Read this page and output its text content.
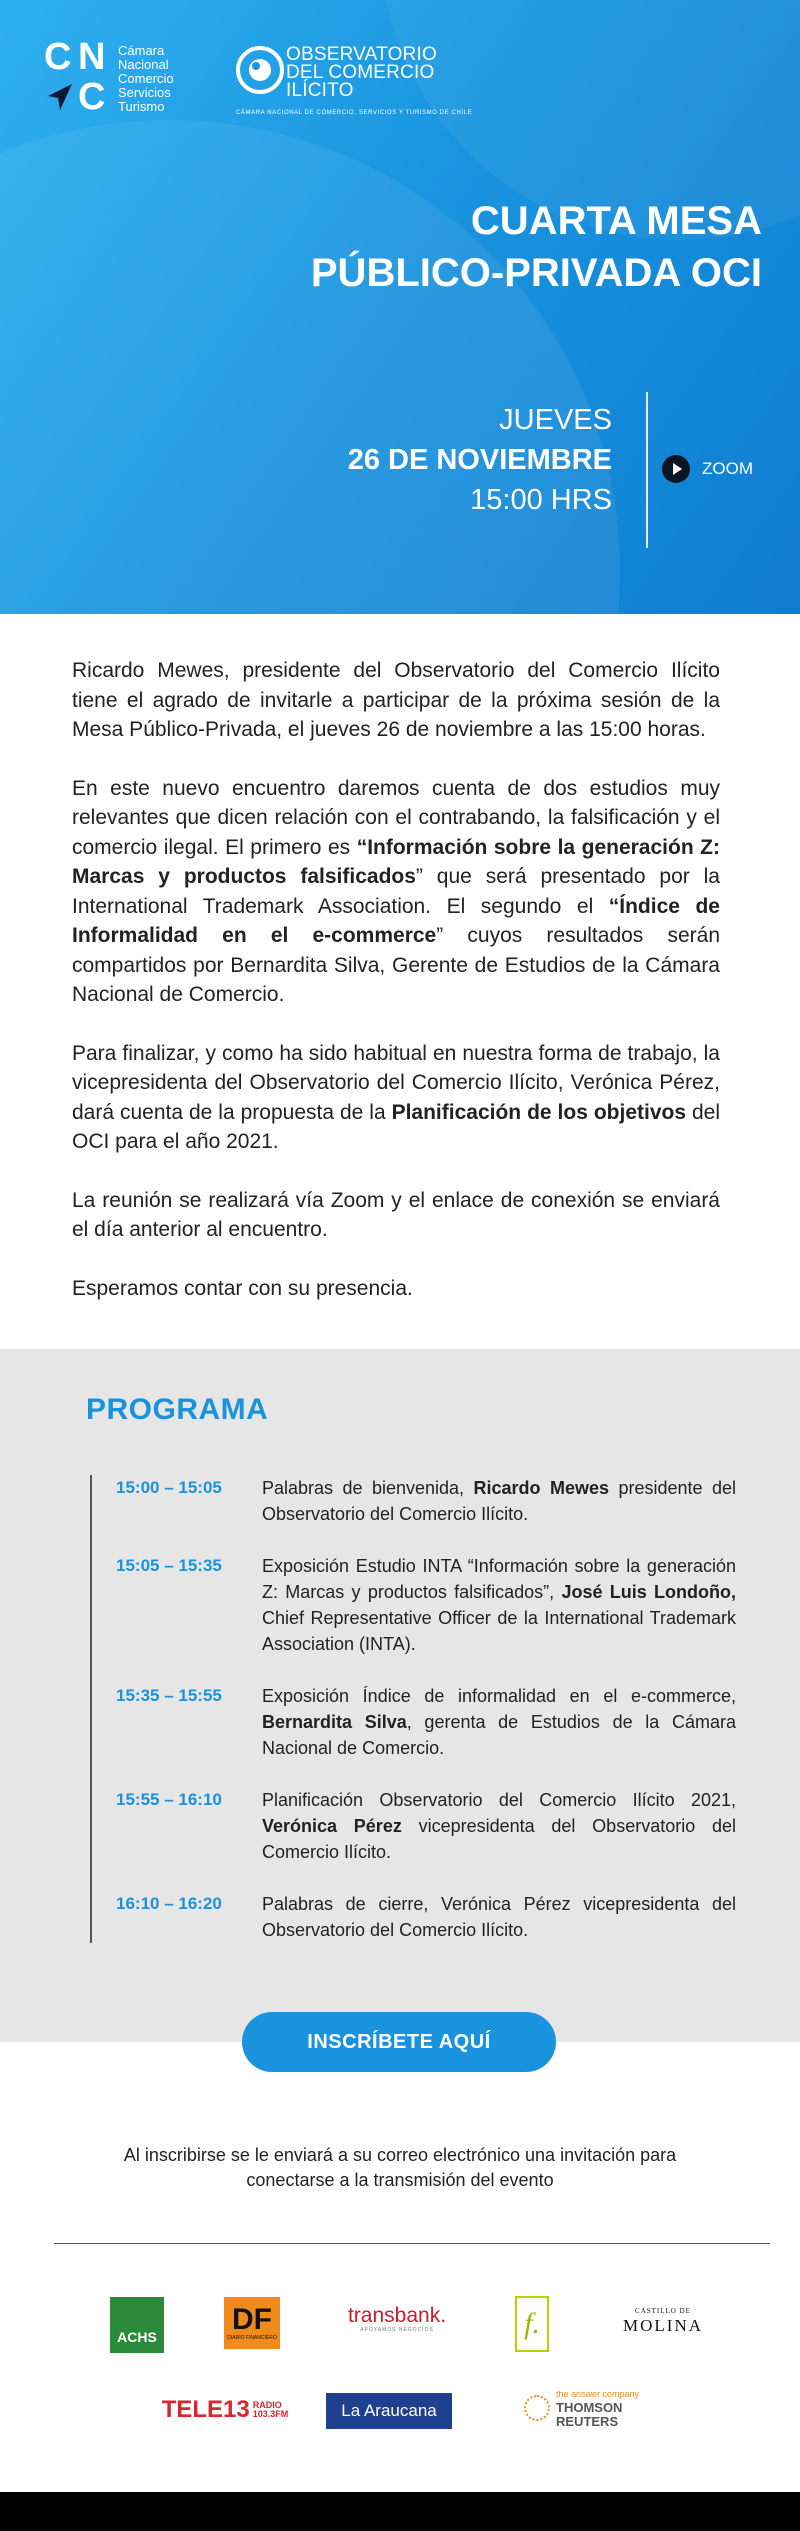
C N
C
Cámara
Nacional
Comercio
Servicios
Turismo
OBSERVATORIO
DEL COMERCIO
ILÍCITO
CÁMARA NACIONAL DE COMERCIO, SERVICIOS Y TURISMO DE CHILE
CUARTA MESA
PÚBLICO-PRIVADA OCI
JUEVES
26 DE NOVIEMBRE
15:00 HRS
ZOOM

Ricardo Mewes, presidente del Observatorio del Comercio Ilícito tiene el agrado de invitarle a participar de la próxima sesión de la Mesa Público-Privada, el jueves 26 de noviembre a las 15:00 horas.

En este nuevo encuentro daremos cuenta de dos estudios muy relevantes que dicen relación con el contrabando, la falsificación y el comercio ilegal. El primero es “Información sobre la generación Z: Marcas y productos falsificados” que será presentado por la International Trademark Association. El segundo el “Índice de Informalidad en el e-commerce” cuyos resultados serán compartidos por Bernardita Silva, Gerente de Estudios de la Cámara Nacional de Comercio.

Para finalizar, y como ha sido habitual en nuestra forma de trabajo, la vicepresidenta del Observatorio del Comercio Ilícito, Verónica Pérez, dará cuenta de la propuesta de la Planificación de los objetivos del OCI para el año 2021.

La reunión se realizará vía Zoom y el enlace de conexión se enviará el día anterior al encuentro.

Esperamos contar con su presencia.

PROGRAMA
15:00 – 15:05	Palabras de bienvenida, Ricardo Mewes presidente del Observatorio del Comercio Ilícito.
15:05 – 15:35	Exposición Estudio INTA “Información sobre la generación Z: Marcas y productos falsificados”, José Luis Londoño, Chief Representative Officer de la International Trademark Association (INTA).
15:35 – 15:55	Exposición Índice de informalidad en el e-commerce, Bernardita Silva, gerenta de Estudios de la Cámara Nacional de Comercio.
15:55 – 16:10	Planificación Observatorio del Comercio Ilícito 2021, Verónica Pérez vicepresidenta del Observatorio del Comercio Ilícito.
16:10 – 16:20	Palabras de cierre, Verónica Pérez vicepresidenta del Observatorio del Comercio Ilícito.
INSCRÍBETE AQUÍ
Al inscribirse se le enviará a su correo electrónico una invitación para
conectarse a la transmisión del evento
ACHS
DF
DIARIO FINANCIERO
transbank.
APOYAMOS NEGOCIOS	f.	CASTILLO DE
MOLINA
TELE13 RADIO
103.3FM	La Araucana
the answer company
THOMSON REUTERS
